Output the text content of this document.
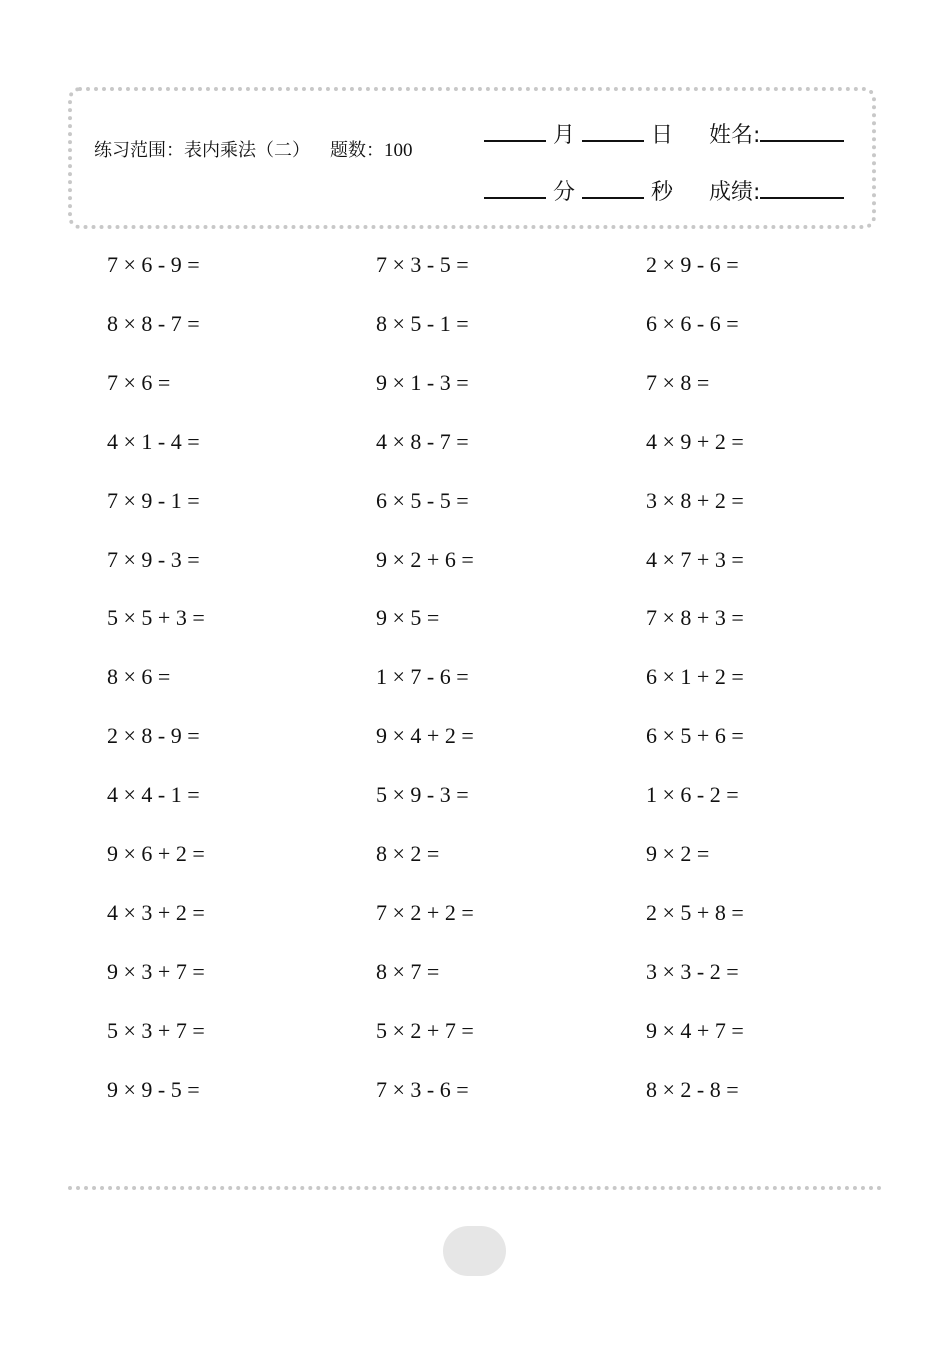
练习范围：表内乘法（二） 题数：100
月	日 姓名:
分	秒 成绩:
7 × 6 - 9 =	7 × 3 - 5 =	2 × 9 - 6 =
8 × 8 - 7 =	8 × 5 - 1 =	6 × 6 - 6 =
7 × 6 =	9 × 1 - 3 =	7 × 8 =
4 × 1 - 4 =	4 × 8 - 7 =	4 × 9 + 2 =
7 × 9 - 1 =	6 × 5 - 5 =	3 × 8 + 2 =
7 × 9 - 3 =	9 × 2 + 6 =	4 × 7 + 3 =
5 × 5 + 3 =	9 × 5 =	7 × 8 + 3 =
8 × 6 =	1 × 7 - 6 =	6 × 1 + 2 =
2 × 8 - 9 =	9 × 4 + 2 =	6 × 5 + 6 =
4 × 4 - 1 =	5 × 9 - 3 =	1 × 6 - 2 =
9 × 6 + 2 =	8 × 2 =	9 × 2 =
4 × 3 + 2 =	7 × 2 + 2 =	2 × 5 + 8 =
9 × 3 + 7 =	8 × 7 =	3 × 3 - 2 =
5 × 3 + 7 =	5 × 2 + 7 =	9 × 4 + 7 =
9 × 9 - 5 =	7 × 3 - 6 =	8 × 2 - 8 =
